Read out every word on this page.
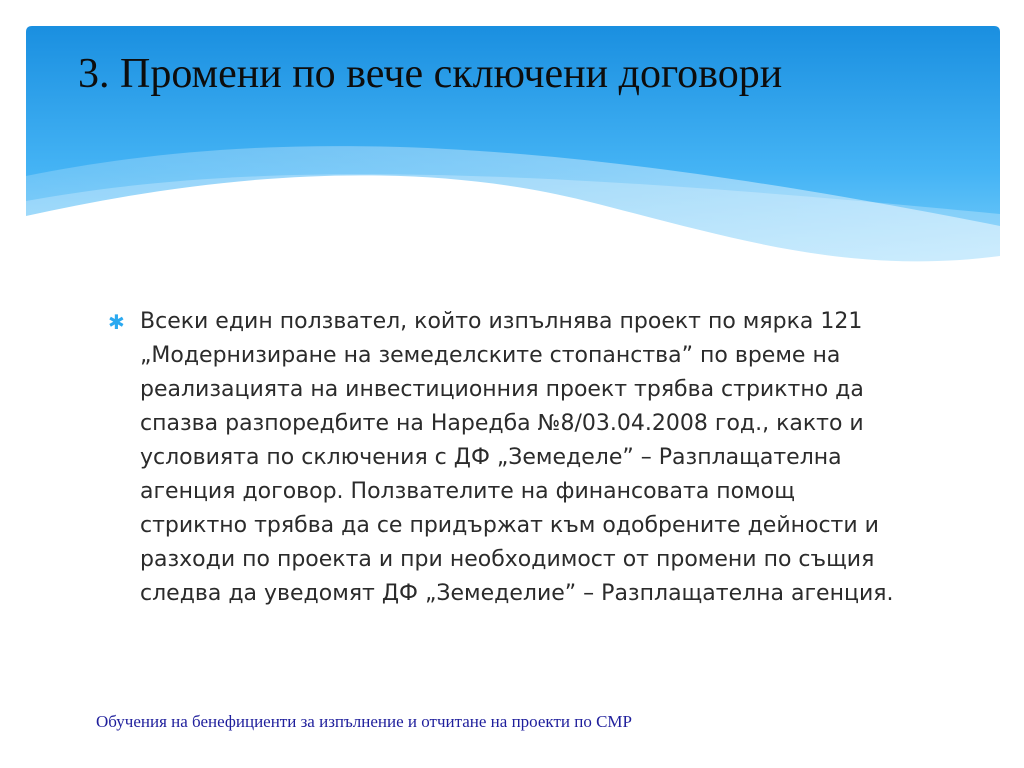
3. Промени по вече сключени договори
✱ Всеки един ползвател, който изпълнява проект по мярка 121 „Модернизиране на земеделските стопанства” по време на реализацията на инвестиционния проект трябва стриктно да спазва разпоредбите на Наредба №8/03.04.2008 год., както и условията по сключения с ДФ „Земеделе” – Разплащателна агенция договор. Ползвателите на финансовата помощ стриктно трябва да се придържат към одобрените дейности и разходи по проекта и при необходимост от промени по същия следва да уведомят ДФ „Земеделие” – Разплащателна агенция.
Обучения на бенефициенти за изпълнение и отчитане на проекти по СМР
